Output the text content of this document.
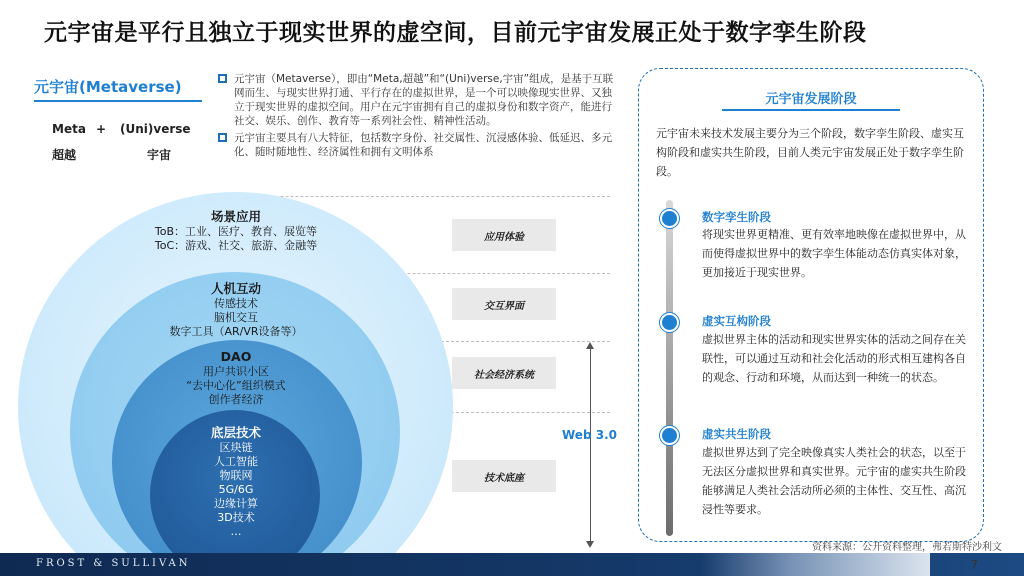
元宇宙是平行且独立于现实世界的虚空间，目前元宇宙发展正处于数字孪生阶段
元宇宙(Metaverse)
Meta + (Uni)verse
超越	宇宙
元宇宙（Metaverse），即由“Meta,超越”和“(Uni)verse,宇宙”组成，是基于互联网而生、与现实世界打通、平行存在的虚拟世界，是一个可以映像现实世界、又独立于现实世界的虚拟空间。用户在元宇宙拥有自己的虚拟身份和数字资产，能进行社交、娱乐、创作、教育等一系列社会性、精神性活动。
元宇宙主要具有八大特征，包括数字身份、社交属性、沉浸感体验、低延迟、多元化、随时随地性、经济属性和拥有文明体系
场景应用
ToB：工业、医疗、教育、展览等
ToC：游戏、社交、旅游、金融等
人机互动
传感技术
脑机交互
数字工具（AR/VR设备等）
DAO
用户共识小区
“去中心化”组织模式
创作者经济
底层技术
区块链
人工智能
物联网
5G/6G
边缘计算
3D技术
…
应用体验
交互界面
社会经济系统
技术底座
Web 3.0
元宇宙发展阶段
元宇宙未来技术发展主要分为三个阶段，数字孪生阶段、虚实互构阶段和虚实共生阶段，目前人类元宇宙发展正处于数字孪生阶段。
数字孪生阶段
将现实世界更精准、更有效率地映像在虚拟世界中，从而使得虚拟世界中的数字孪生体能动态仿真实体对象，更加接近于现实世界。
虚实互构阶段
虚拟世界主体的活动和现实世界实体的活动之间存在关联性，可以通过互动和社会化活动的形式相互建构各自的观念、行动和环境，从而达到一种统一的状态。
虚实共生阶段
虚拟世界达到了完全映像真实人类社会的状态，以至于无法区分虚拟世界和真实世界。元宇宙的虚实共生阶段能够满足人类社会活动所必须的主体性、交互性、高沉浸性等要求。
资料来源：公开资料整理，弗若斯特沙利文
FROST & SULLIVAN	7
